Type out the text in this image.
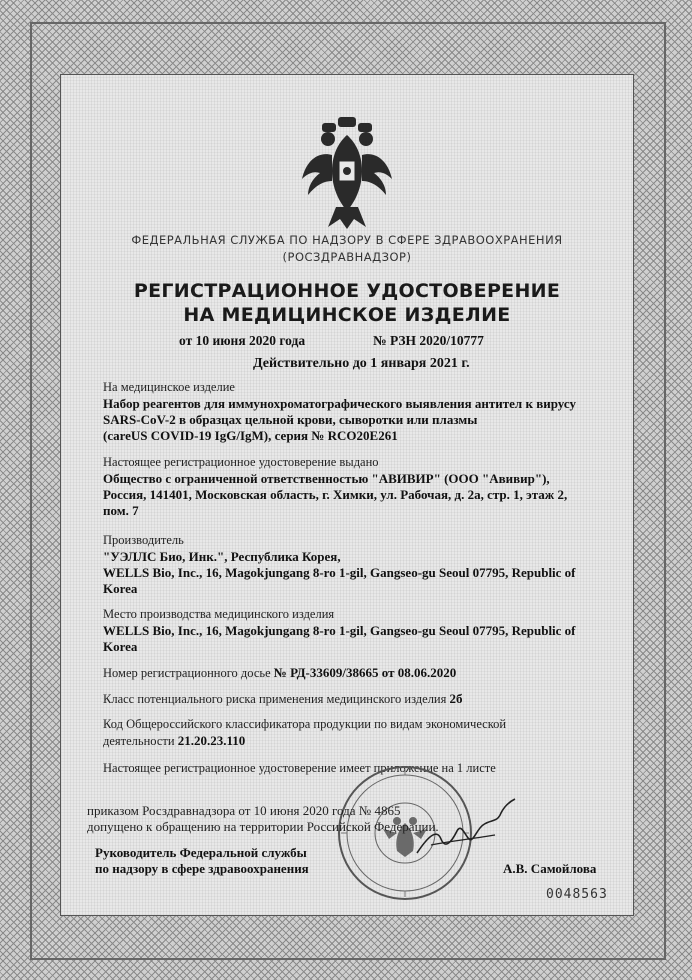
ФЕДЕРАЛЬНАЯ СЛУЖБА ПО НАДЗОРУ В СФЕРЕ ЗДРАВООХРАНЕНИЯ
(РОСЗДРАВНАДЗОР)
РЕГИСТРАЦИОННОЕ УДОСТОВЕРЕНИЕ
НА МЕДИЦИНСКОЕ ИЗДЕЛИЕ
от 10 июня 2020 года	№ РЗН 2020/10777
Действительно до 1 января 2021 г.
На медицинское изделие
Набор реагентов для иммунохроматографического выявления антител к вирусу
SARS-CoV-2 в образцах цельной крови, сыворотки или плазмы
(careUS COVID-19 IgG/IgM), серия № RCO20E261
Настоящее регистрационное удостоверение выдано
Общество с ограниченной ответственностью "АВИВИР" (ООО "Авивир"),
Россия, 141401, Московская область, г. Химки, ул. Рабочая, д. 2а, стр. 1, этаж 2,
пом. 7
Производитель
"УЭЛЛС Био, Инк.", Республика Корея,
WELLS Bio, Inc., 16, Magokjungang 8-ro 1-gil, Gangseo-gu Seoul 07795, Republic of
Korea
Место производства медицинского изделия
WELLS Bio, Inc., 16, Magokjungang 8-ro 1-gil, Gangseo-gu Seoul 07795, Republic of
Korea
Номер регистрационного досье № РД-33609/38665 от 08.06.2020
Класс потенциального риска применения медицинского изделия 2б
Код Общероссийского классификатора продукции по видам экономической
деятельности 21.20.23.110
Настоящее регистрационное удостоверение имеет приложение на 1 листе
приказом Росздравнадзора от 10 июня 2020 года № 4865
допущено к обращению на территории Российской Федерации.
Руководитель Федеральной службы
по надзору в сфере здравоохранения	А.В. Самойлова
0048563
